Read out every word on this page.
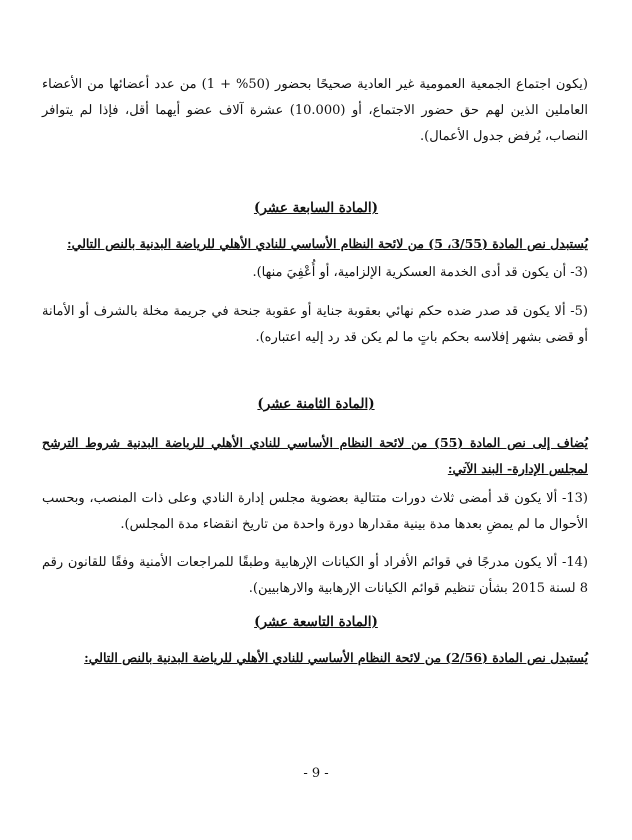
(يكون اجتماع الجمعية العمومية غير العادية صحيحًا بحضور (50% + 1) من عدد أعضائها من الأعضاء العاملين الذين لهم حق حضور الاجتماع، أو (10.000) عشرة آلاف عضو أيهما أقل، فإذا لم يتوافر النصاب، يُرفض جدول الأعمال).
(المادة السابعة عشر)
يُستبدل نص المادة (3/55، 5) من لائحة النظام الأساسي للنادي الأهلي للرياضة البدنية بالنص التالي:
(3- أن يكون قد أدى الخدمة العسكرية الإلزامية، أو أُعْفِيَ منها).
(5- ألا يكون قد صدر ضده حكم نهائي بعقوبة جناية أو عقوبة جنحة في جريمة مخلة بالشرف أو الأمانة أو قضى بشهر إفلاسه بحكم باتٍ ما لم يكن قد رد إليه اعتباره).
(المادة الثامنة عشر)
يُضاف إلى نص المادة (55) من لائحة النظام الأساسي للنادي الأهلي للرياضة البدنية شروط الترشح لمجلس الإدارة- البند الآتي:
(13- ألا يكون قد أمضى ثلاث دورات متتالية بعضوية مجلس إدارة النادي وعلى ذات المنصب، وبحسب الأحوال ما لم يمضِ بعدها مدة بينية مقدارها دورة واحدة من تاريخ انقضاء مدة المجلس).
(14- ألا يكون مدرجًا في قوائم الأفراد أو الكيانات الإرهابية وطبقًا للمراجعات الأمنية وفقًا للقانون رقم 8 لسنة 2015 بشأن تنظيم قوائم الكيانات الإرهابية والارهابيين).
(المادة التاسعة عشر)
يُستبدل نص المادة (2/56) من لائحة النظام الأساسي للنادي الأهلي للرياضة البدنية بالنص التالي:
- 9 -
